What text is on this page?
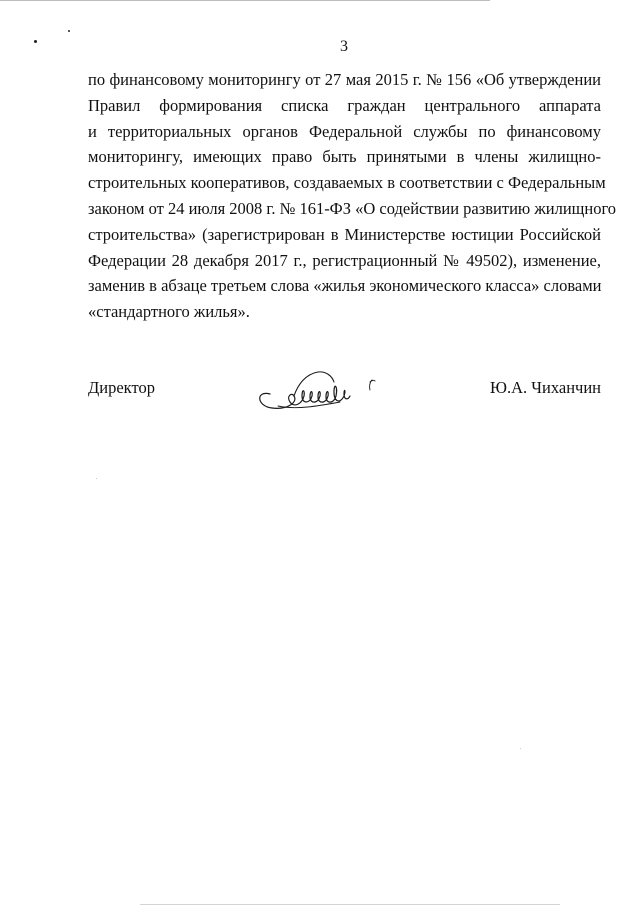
3
по финансовому мониторингу от 27 мая 2015 г. № 156 «Об утверждении
Правил формирования списка граждан центрального аппарата
и территориальных органов Федеральной службы по финансовому
мониторингу, имеющих право быть принятыми в члены жилищно-
строительных кооперативов, создаваемых в соответствии с Федеральным
законом от 24 июля 2008 г. № 161-ФЗ «О содействии развитию жилищного
строительства» (зарегистрирован в Министерстве юстиции Российской
Федерации 28 декабря 2017 г., регистрационный № 49502), изменение,
заменив в абзаце третьем слова «жилья экономического класса» словами
«стандартного жилья».
Директор	Ю.А. Чиханчин
